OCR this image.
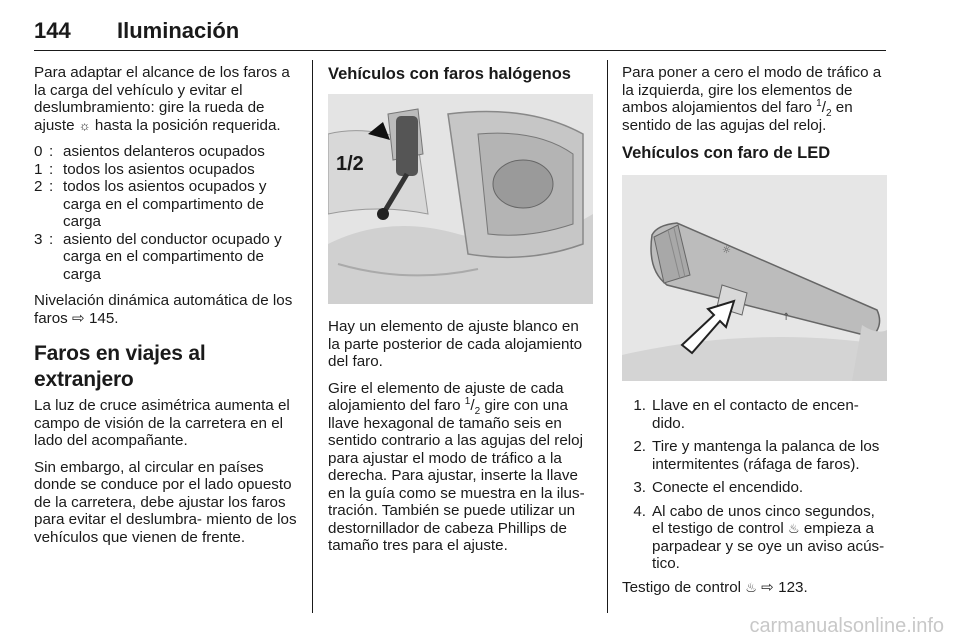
144 Iluminación

Para adaptar el alcance de los faros a la carga del vehículo y evitar el deslumbramiento: gire la rueda de ajuste ☼ hasta la posición requerida.

0 : asientos delanteros ocupados
1 : todos los asientos ocupados
2 : todos los asientos ocupados y carga en el compartimento de carga
3 : asiento del conductor ocupado y carga en el compartimento de carga

Nivelación dinámica automática de los faros ⇨ 145.

Faros en viajes al extranjero

La luz de cruce asimétrica aumenta el campo de visión de la carretera en el lado del acompañante.

Sin embargo, al circular en países donde se conduce por el lado opuesto de la carretera, debe ajustar los faros para evitar el deslumbra- miento de los vehículos que vienen de frente.

Vehículos con faros halógenos
1/2

Hay un elemento de ajuste blanco en la parte posterior de cada alojamiento del faro.

Gire el elemento de ajuste de cada alojamiento del faro $^1/_2$ gire con una llave hexagonal de tamaño seis en sentido contrario a las agujas del reloj para ajustar el modo de tráfico a la derecha. Para ajustar, inserte la llave en la guía como se muestra en la ilus- tración. También se puede utilizar un destornillador de cabeza Phillips de tamaño tres para el ajuste.

Para poner a cero el modo de tráfico a la izquierda, gire los elementos de ambos alojamientos del faro $^1/_2$ en sentido de las agujas del reloj.

Vehículos con faro de LED
☼
↑
1. Llave en el contacto de encen- dido.
2. Tire y mantenga la palanca de los intermitentes (ráfaga de faros).
3. Conecte el encendido.
4. Al cabo de unos cinco segundos, el testigo de control ♨ empieza a parpadear y se oye un aviso acús- tico.

Testigo de control ♨ ⇨ 123.

carmanualsonline.info
